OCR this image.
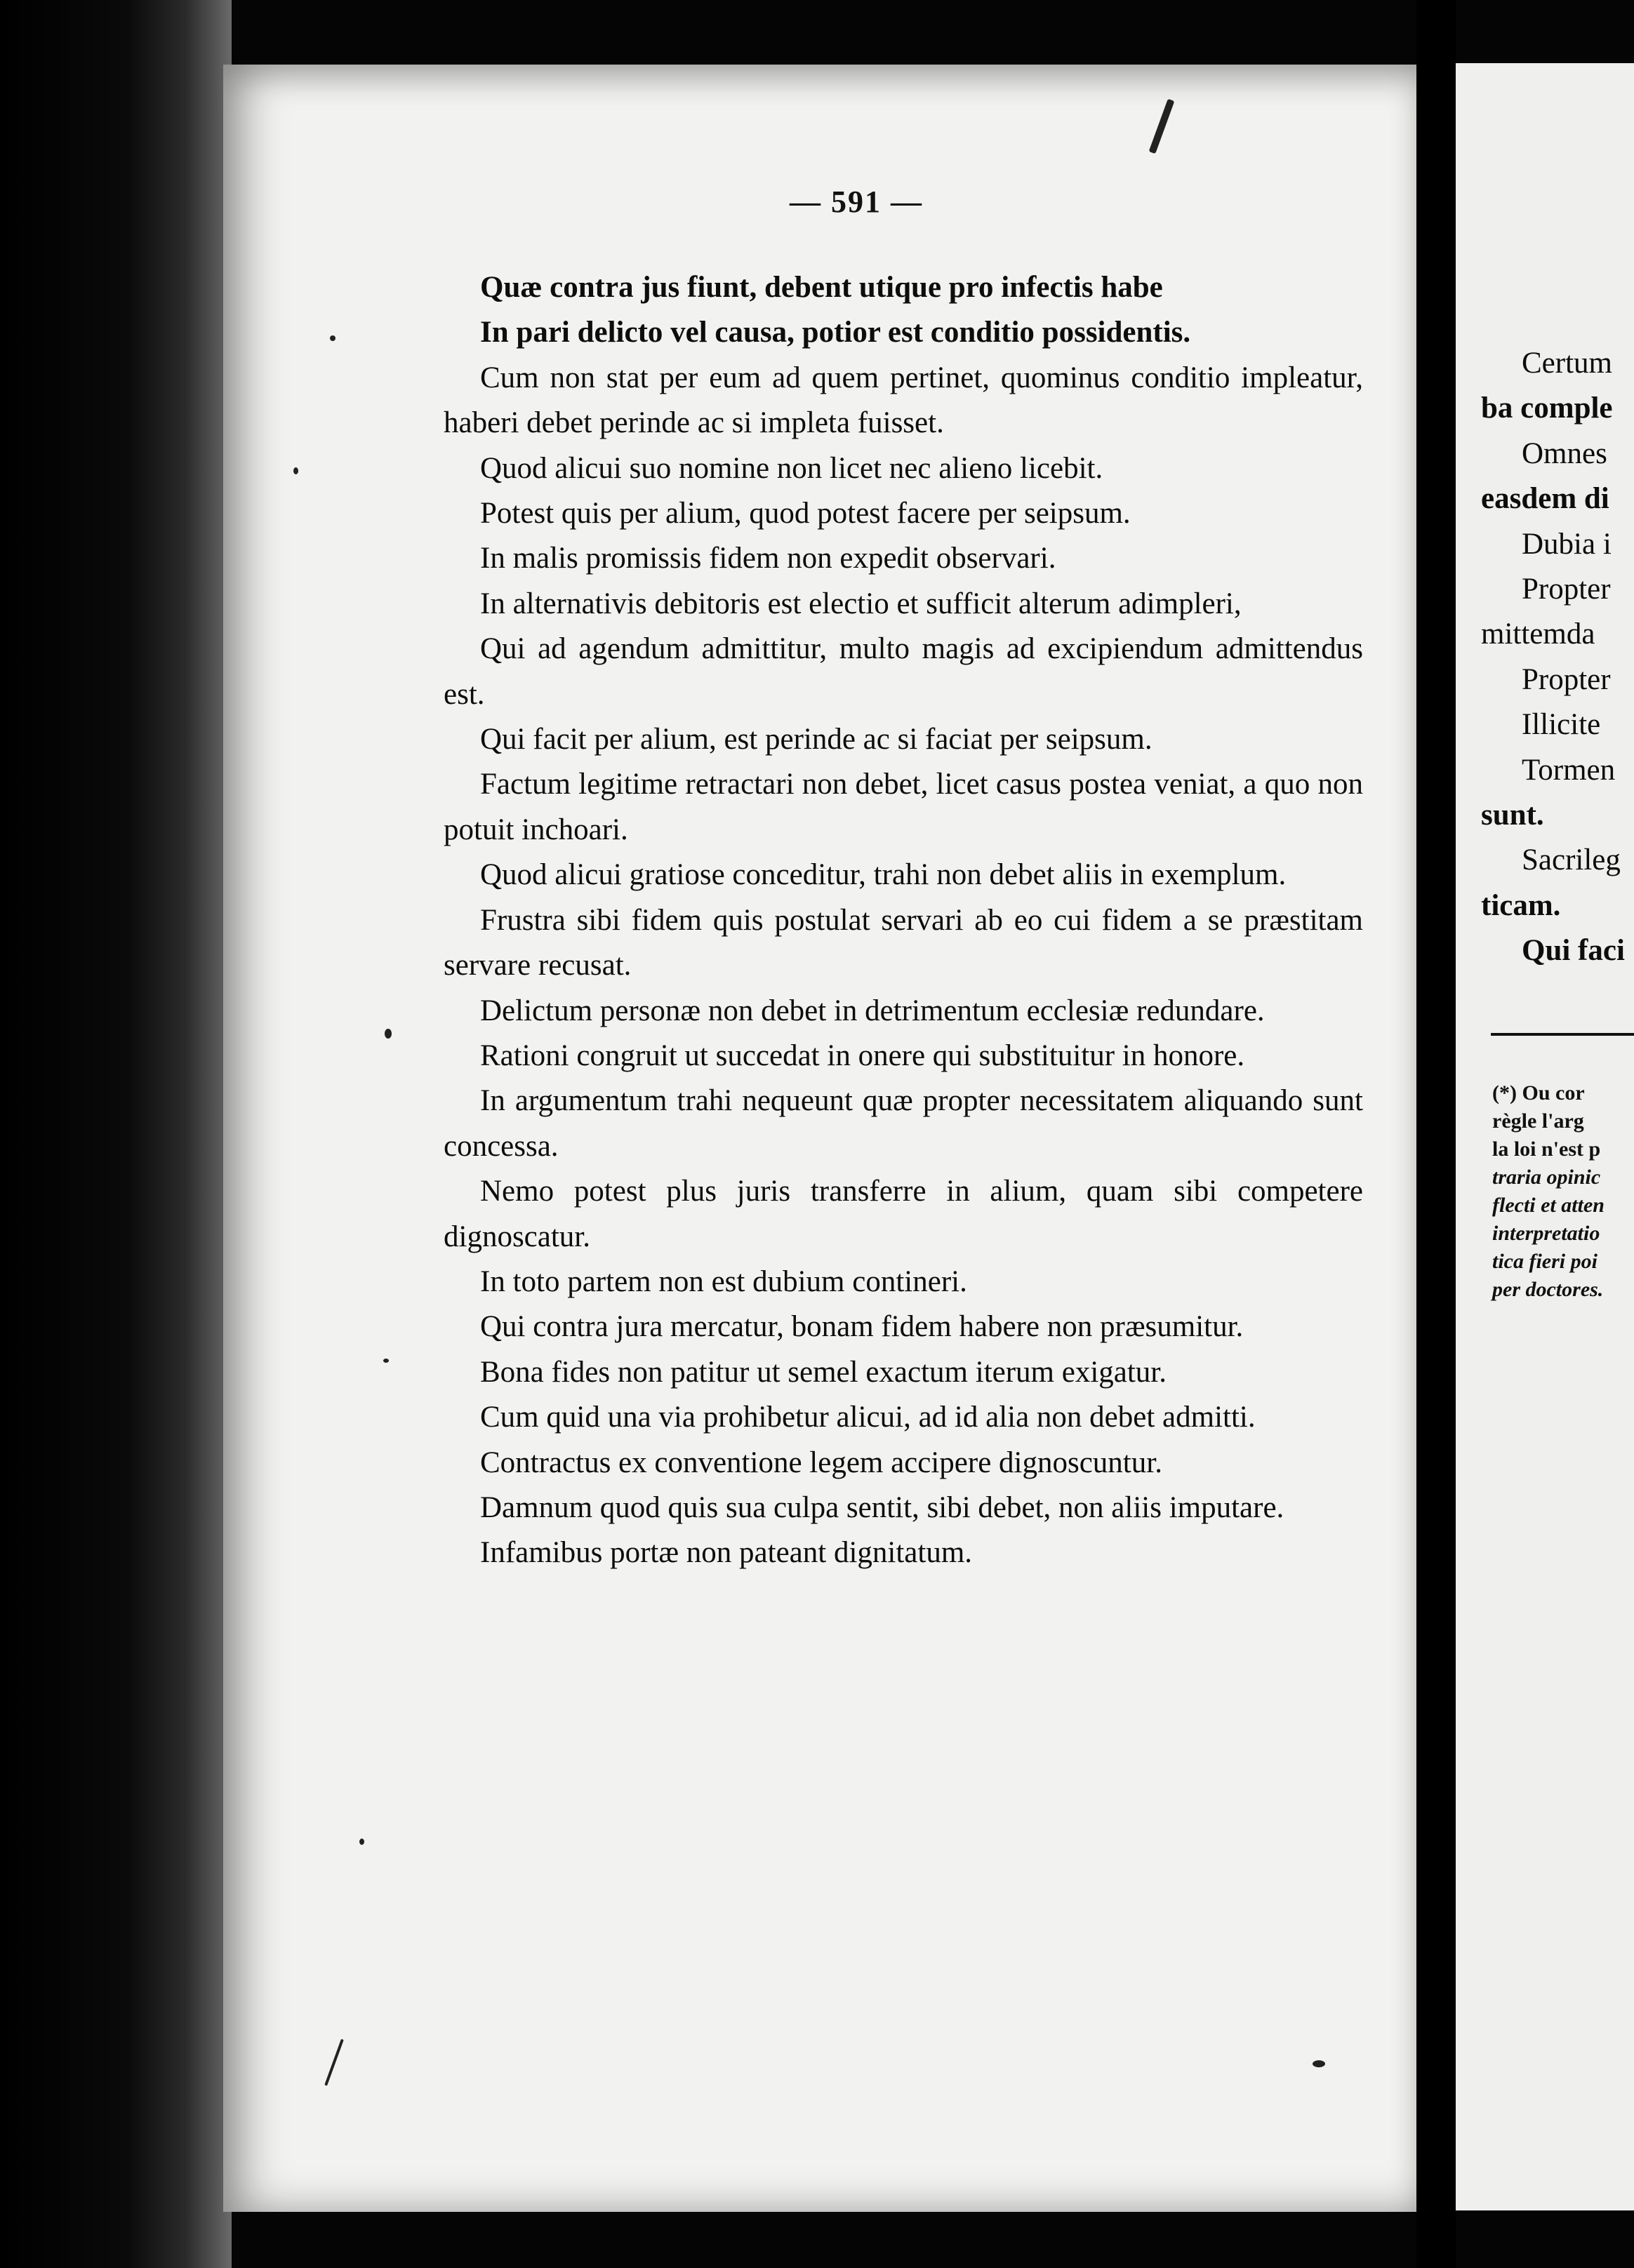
— 591 —

Quæ contra jus fiunt, debent utique pro infectis habe

In pari delicto vel causa, potior est conditio possidentis.

Cum non stat per eum ad quem pertinet, quominus conditio impleatur, haberi debet perinde ac si impleta fuisset.

Quod alicui suo nomine non licet nec alieno licebit.

Potest quis per alium, quod potest facere per seipsum.

In malis promissis fidem non expedit observari.

In alternativis debitoris est electio et sufficit alterum adimpleri,

Qui ad agendum admittitur, multo magis ad excipiendum admittendus est.

Qui facit per alium, est perinde ac si faciat per seipsum.

Factum legitime retractari non debet, licet casus postea veniat, a quo non potuit inchoari.

Quod alicui gratiose conceditur, trahi non debet aliis in exemplum.

Frustra sibi fidem quis postulat servari ab eo cui fidem a se præstitam servare recusat.

Delictum personæ non debet in detrimentum ecclesiæ redundare.

Rationi congruit ut succedat in onere qui substituitur in honore.

In argumentum trahi nequeunt quæ propter necessitatem aliquando sunt concessa.

Nemo potest plus juris transferre in alium, quam sibi competere dignoscatur.

In toto partem non est dubium contineri.

Qui contra jura mercatur, bonam fidem habere non præsumitur.

Bona fides non patitur ut semel exactum iterum exigatur.

Cum quid una via prohibetur alicui, ad id alia non debet admitti.

Contractus ex conventione legem accipere dignoscuntur.

Damnum quod quis sua culpa sentit, sibi debet, non aliis imputare.

Infamibus portæ non pateant dignitatum.

Certum
ba comple
Omnes
easdem di
Dubia i
Propter
mittemda
Propter
Illicite
Tormen
sunt.
Sacrileg
ticam.
Qui faci
(*) Ou cor
règle l'arg
la loi n'est p
traria opinic
flecti et atten
interpretatio
tica fieri poi
per doctores.
